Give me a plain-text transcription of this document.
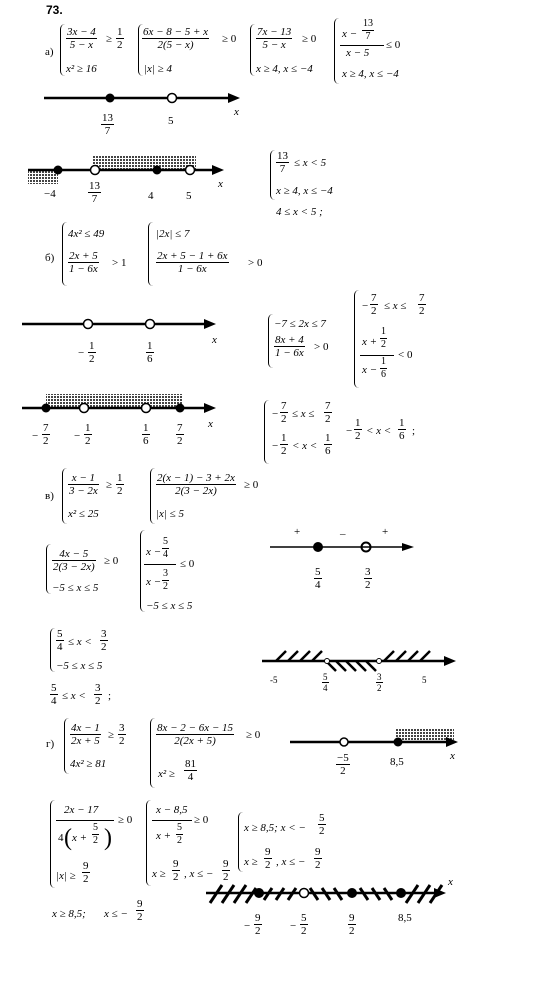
73.
а)
$\frac{3x - 4}{5 - x} \ge \frac{1}{2}$
x² ≥ 16
$\frac{6x - 8 - 5 + x}{2(5 - x)} \ge 0$
|x| ≥ 4
$\frac{7x - 13}{5 - x} \ge 0$
x ≥ 4, x ≤ −4
$x - \frac{13}{7}$
x − 5
≤ 0
x ≥ 4, x ≤ −4
$\frac{13}{7}$	5
x
−4	$\frac{13}{7}$	4	5
x
$\frac{13}{7} \le x < 5$
x ≥ 4, x ≤ −4
4 ≤ x < 5 ;
б)
4x² ≤ 49
$\frac{2x + 5}{1 - 6x} > 1$
|2x| ≤ 7
$\frac{2x + 5 - 1 + 6x}{1 - 6x} > 0$
− $\frac{1}{2}$	$\frac{1}{6}$	x
−7 ≤ 2x ≤ 7
$\frac{8x + 4}{1 - 6x} > 0$
− $\frac{7}{2} \le x \le \frac{7}{2}$
$x + \frac{1}{2}$
$x - \frac{1}{6}$
< 0
− $\frac{7}{2} - \frac{1}{2}$	$\frac{1}{6} \frac{7}{2}$ x
− $\frac{7}{2} \le x \le \frac{7}{2}$
− $\frac{1}{2} < x < \frac{1}{6}$
− $\frac{1}{2} < x < \frac{1}{6}$ ;
$в) \frac{x - 1}{3 - 2x} \ge \frac{1}{2}$
x² ≤ 25
$\frac{2(x - 1) - 3 + 2x}{2(3 - 2x)} \ge 0$
|x| ≤ 5
$\frac{4x - 5}{2(3 - 2x)} \ge 0$
−5 ≤ x ≤ 5
$x - \frac{5}{4}$
$x - \frac{3}{2}$
≤ 0
−5 ≤ x ≤ 5
+	–	+
$\frac{5}{4}$	$\frac{3}{2}$
$\frac{5}{4} \le x < \frac{3}{2}$
−5 ≤ x ≤ 5
$\frac{5}{4} \le x < \frac{3}{2}$ ;
-5	$\frac{5}{4}$	$\frac{3}{2}$	5
$г) \frac{4x - 1}{2x + 5} \ge \frac{3}{2}$
4x² ≥ 81
$\frac{8x - 2 - 6x - 15}{2(2x + 5)} \ge 0$
$x^2 \ge \frac{81}{4}$	$\frac{-5}{2}$	8,5	x
2x − 17
4 ( $x + \frac{5}{2}$ )
≥ 0
$|x| \ge \frac{9}{2}$
x − 8,5
$x + \frac{5}{2}$
≥ 0
$x \ge \frac{9}{2}$ , x ≤ − $\frac{9}{2}$
x ≥ 8,5; x < − $\frac{5}{2}$
$x \ge \frac{9}{2}$ , x ≤ − $\frac{9}{2}$
x ≥ 8,5; x ≤ − $\frac{9}{2}$
− $\frac{9}{2}$	− $\frac{5}{2}$	$\frac{9}{2}$	8,5
x
